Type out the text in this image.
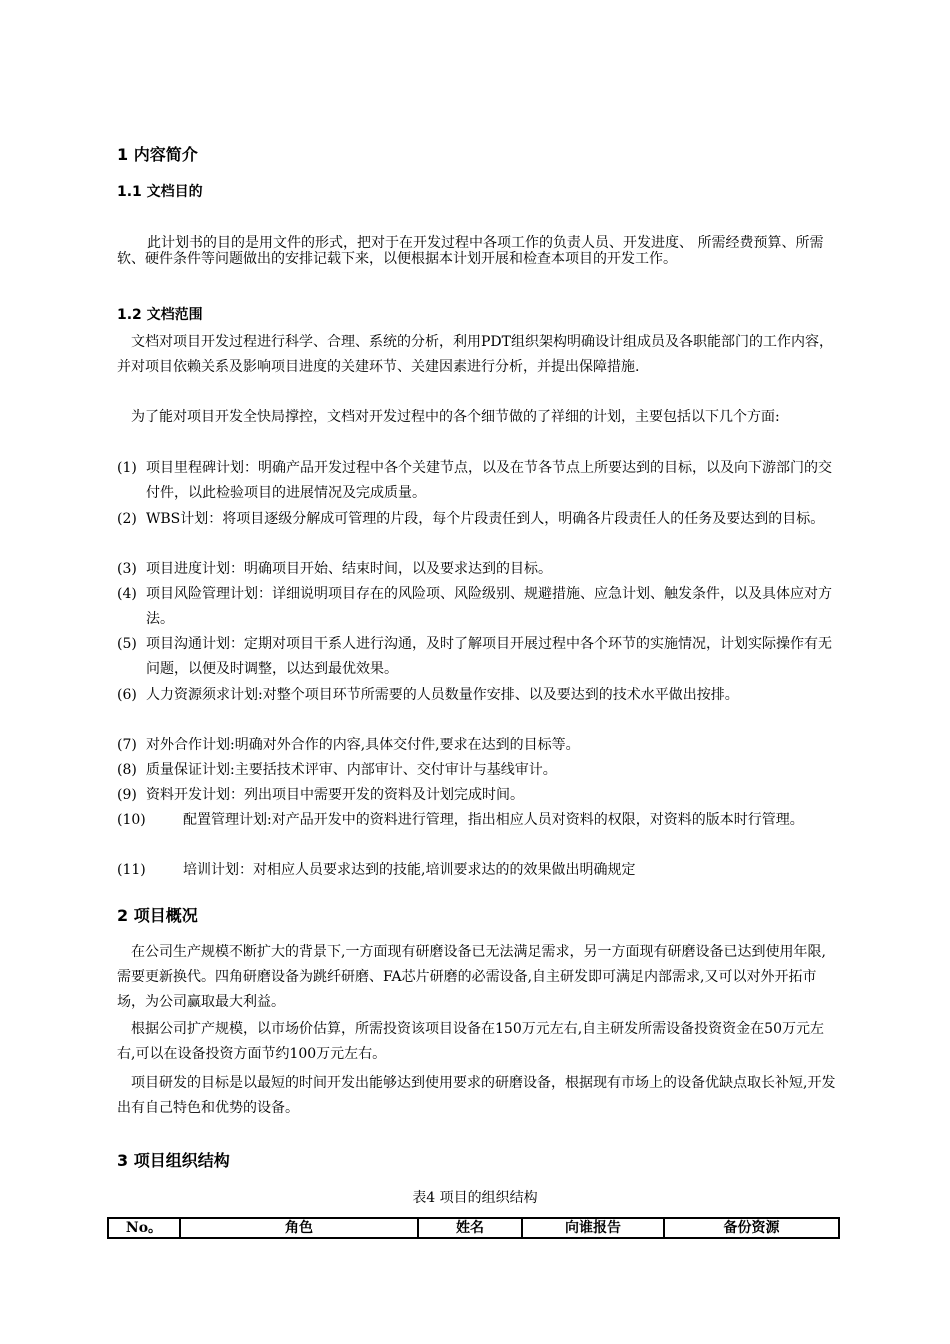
1 内容简介
1.1 文档目的
此计划书的目的是用文件的形式，把对于在开发过程中各项工作的负责人员、开发进度、 所需经费预算、所需软、硬件条件等问题做出的安排记载下来，以便根据本计划开展和检查本项目的开发工作。
1.2 文档范围
文档对项目开发过程进行科学、合理、系统的分析，利用PDT组织架构明确设计组成员及各职能部门的工作内容，并对项目依赖关系及影响项目进度的关建环节、关建因素进行分析，并提出保障措施.
为了能对项目开发全快局撑控，文档对开发过程中的各个细节做的了祥细的计划，主要包括以下几个方面:
(1) 项目里程碑计划：明确产品开发过程中各个关建节点，以及在节各节点上所要达到的目标，以及向下游部门的交付件，以此检验项目的进展情况及完成质量。
(2) WBS计划：将项目逐级分解成可管理的片段，每个片段责任到人，明确各片段责任人的任务及要达到的目标。
(3) 项目进度计划：明确项目开始、结束时间，以及要求达到的目标。
(4) 项目风险管理计划：详细说明项目存在的风险项、风险级别、规避措施、应急计划、触发条件，以及具体应对方法。
(5) 项目沟通计划：定期对项目干系人进行沟通，及时了解项目开展过程中各个环节的实施情况，计划实际操作有无问题，以便及时调整，以达到最优效果。
(6) 人力资源须求计划:对整个项目环节所需要的人员数量作安排、以及要达到的技术水平做出按排。
(7) 对外合作计划:明确对外合作的内容,具体交付件,要求在达到的目标等。
(8) 质量保证计划:主要括技术评审、内部审计、交付审计与基线审计。
(9) 资料开发计划：列出项目中需要开发的资料及计划完成时间。
(10)	配置管理计划:对产品开发中的资料进行管理，指出相应人员对资料的权限，对资料的版本时行管理。
(11)	培训计划：对相应人员要求达到的技能,培训要求达的的效果做出明确规定
2 项目概况
在公司生产规模不断扩大的背景下,一方面现有研磨设备已无法满足需求，另一方面现有研磨设备已达到使用年限,需要更新换代。四角研磨设备为跳纤研磨、FA芯片研磨的必需设备,自主研发即可满足内部需求,又可以对外开拓市场，为公司赢取最大利益。
根据公司扩产规模，以市场价估算，所需投资该项目设备在150万元左右,自主研发所需设备投资资金在50万元左右,可以在设备投资方面节约100万元左右。
项目研发的目标是以最短的时间开发出能够达到使用要求的研磨设备，根据现有市场上的设备优缺点取长补短,开发出有自己特色和优势的设备。
3 项目组织结构
表4 项目的组织结构
No。	角色	姓名	向谁报告	备份资源
